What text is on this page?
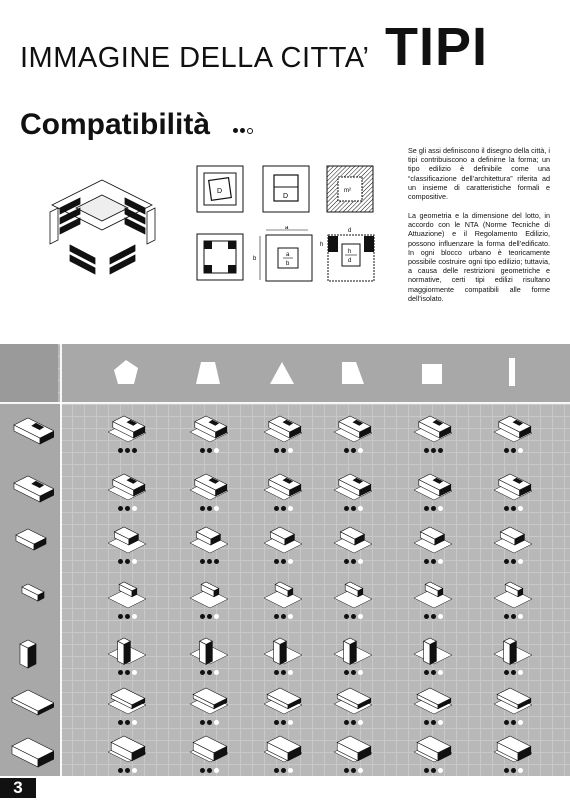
IMMAGINE DELLA CITTA’ TIPI
Compatibilità

Se gli assi definiscono il disegno della città, i tipi contribuiscono a definirne la forma; un tipo edilizio è definibile come una “classificazione dell’architettura” riferita ad un insieme di caratteristiche formali e compositive.

La geometria e la dimensione del lotto, in accordo con le NTA (Norme Tecniche di Attuazione) e il Regolamento Edilizio, possono influenzare la forma dell’edificato. In ogni blocco urbano è teoricamente possibile costruire ogni tipo edilizio; tuttavia, a causa delle restrizioni geometriche e normative, certi tipi edilizi risultano maggiormente compatibili alle forme dell’isolato.

D
D
m²
a
b
a
b
d
h
h
d
3
